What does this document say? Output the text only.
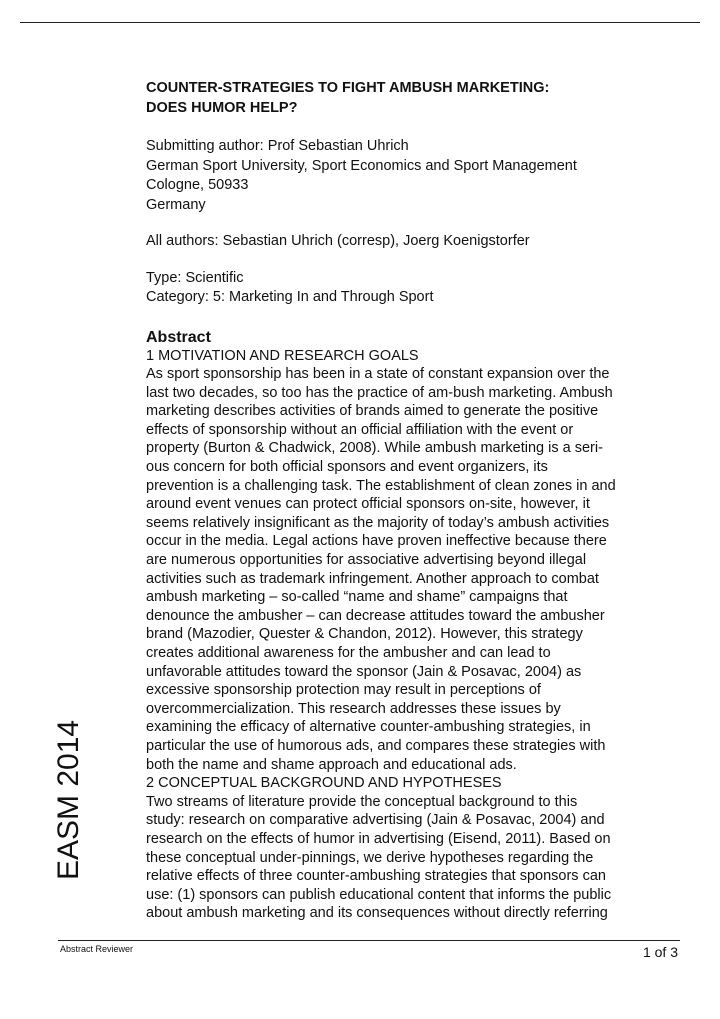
EASM 2014

COUNTER-STRATEGIES TO FIGHT AMBUSH MARKETING:

DOES HUMOR HELP?

Submitting author: Prof Sebastian Uhrich

German Sport University, Sport Economics and Sport Management

Cologne, 50933

Germany

All authors: Sebastian Uhrich (corresp), Joerg Koenigstorfer

Type: Scientific

Category: 5: Marketing In and Through Sport

Abstract

1 MOTIVATION AND RESEARCH GOALS

As sport sponsorship has been in a state of constant expansion over the

last two decades, so too has the practice of am-bush marketing. Ambush

marketing describes activities of brands aimed to generate the positive

effects of sponsorship without an official affiliation with the event or

property (Burton & Chadwick, 2008). While ambush marketing is a seri-

ous concern for both official sponsors and event organizers, its

prevention is a challenging task. The establishment of clean zones in and

around event venues can protect official sponsors on-site, however, it

seems relatively insignificant as the majority of today’s ambush activities

occur in the media. Legal actions have proven ineffective because there

are numerous opportunities for associative advertising beyond illegal

activities such as trademark infringement. Another approach to combat

ambush marketing – so-called “name and shame” campaigns that

denounce the ambusher – can decrease attitudes toward the ambusher

brand (Mazodier, Quester & Chandon, 2012). However, this strategy

creates additional awareness for the ambusher and can lead to

unfavorable attitudes toward the sponsor (Jain & Posavac, 2004) as

excessive sponsorship protection may result in perceptions of

overcommercialization. This research addresses these issues by

examining the efficacy of alternative counter-ambushing strategies, in

particular the use of humorous ads, and compares these strategies with

both the name and shame approach and educational ads.

2 CONCEPTUAL BACKGROUND AND HYPOTHESES

Two streams of literature provide the conceptual background to this

study: research on comparative advertising (Jain & Posavac, 2004) and

research on the effects of humor in advertising (Eisend, 2011). Based on

these conceptual under-pinnings, we derive hypotheses regarding the

relative effects of three counter-ambushing strategies that sponsors can

use: (1) sponsors can publish educational content that informs the public

about ambush marketing and its consequences without directly referring

Abstract Reviewer	1 of 3
